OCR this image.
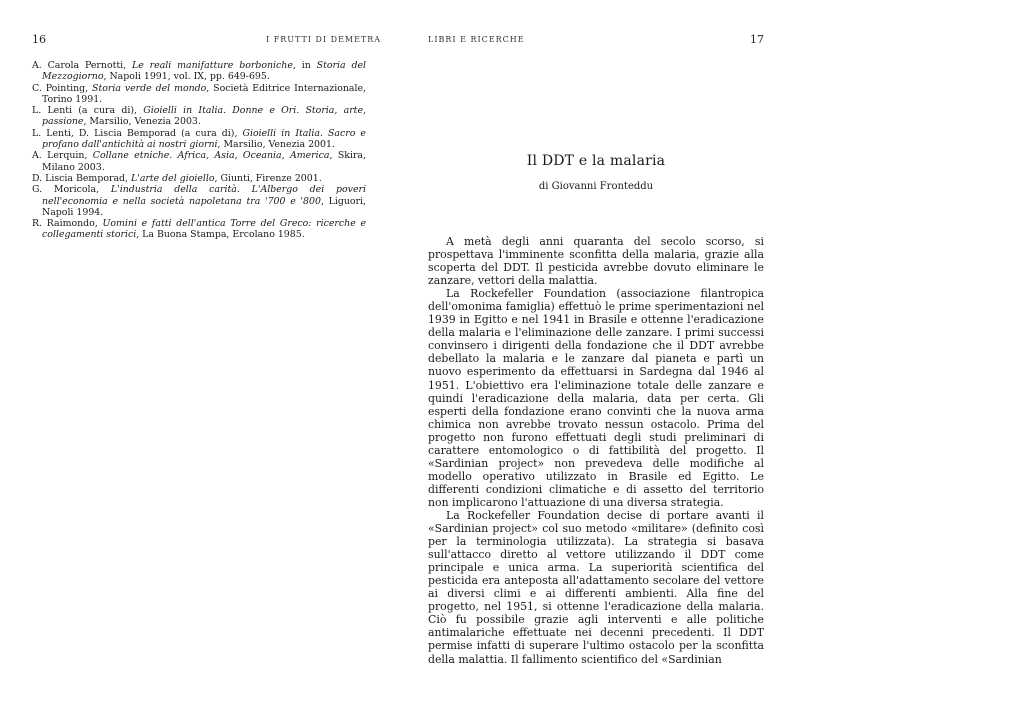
16	I FRUTTI DI DEMETRA
A. Carola Pernotti, Le reali manifatture borboniche, in Storia del Mezzogiorno, Napoli 1991, vol. IX, pp. 649-695.
C. Pointing, Storia verde del mondo, Società Editrice Internazionale, Torino 1991.
L. Lenti (a cura di), Gioielli in Italia. Donne e Ori. Storia, arte, passione, Marsilio, Venezia 2003.
L. Lenti, D. Liscia Bemporad (a cura di), Gioielli in Italia. Sacro e profano dall'antichità ai nostri giorni, Marsilio, Venezia 2001.
A. Lerquin, Collane etniche. Africa, Asia, Oceania, America, Skira, Milano 2003.
D. Liscia Bemporad, L'arte del gioiello, Giunti, Firenze 2001.
G. Moricola, L'industria della carità. L'Albergo dei poveri nell'economia e nella società napoletana tra '700 e '800, Liguori, Napoli 1994.
R. Raimondo, Uomini e fatti dell'antica Torre del Greco: ricerche e collegamenti storici, La Buona Stampa, Ercolano 1985.
LIBRI E RICERCHE	17
Il DDT e la malaria
di Giovanni Fronteddu

A metà degli anni quaranta del secolo scorso, si prospettava l'imminente sconfitta della malaria, grazie alla scoperta del DDT. Il pesticida avrebbe dovuto eliminare le zanzare, vettori della malattia.

La Rockefeller Foundation (associazione filantropica dell'omonima famiglia) effettuò le prime sperimentazioni nel 1939 in Egitto e nel 1941 in Brasile e ottenne l'eradicazione della malaria e l'eliminazione delle zanzare. I primi successi convinsero i dirigenti della fondazione che il DDT avrebbe debellato la malaria e le zanzare dal pianeta e partì un nuovo esperimento da effettuarsi in Sardegna dal 1946 al 1951. L'obiettivo era l'eliminazione totale delle zanzare e quindi l'eradicazione della malaria, data per certa. Gli esperti della fondazione erano convinti che la nuova arma chimica non avrebbe trovato nessun ostacolo. Prima del progetto non furono effettuati degli studi preliminari di carattere entomologico o di fattibilità del progetto. Il «Sardinian project» non prevedeva delle modifiche al modello operativo utilizzato in Brasile ed Egitto. Le differenti condizioni climatiche e di assetto del territorio non implicarono l'attuazione di una diversa strategia.

La Rockefeller Foundation decise di portare avanti il «Sardinian project» col suo metodo «militare» (definito così per la terminologia utilizzata). La strategia si basava sull'attacco diretto al vettore utilizzando il DDT come principale e unica arma. La superiorità scientifica del pesticida era anteposta all'adattamento secolare del vettore ai diversi climi e ai differenti ambienti. Alla fine del progetto, nel 1951, si ottenne l'eradicazione della malaria. Ciò fu possibile grazie agli interventi e alle politiche antimalariche effettuate nei decenni precedenti. Il DDT permise infatti di superare l'ultimo ostacolo per la sconfitta della malattia. Il fallimento scientifico del «Sardinian
